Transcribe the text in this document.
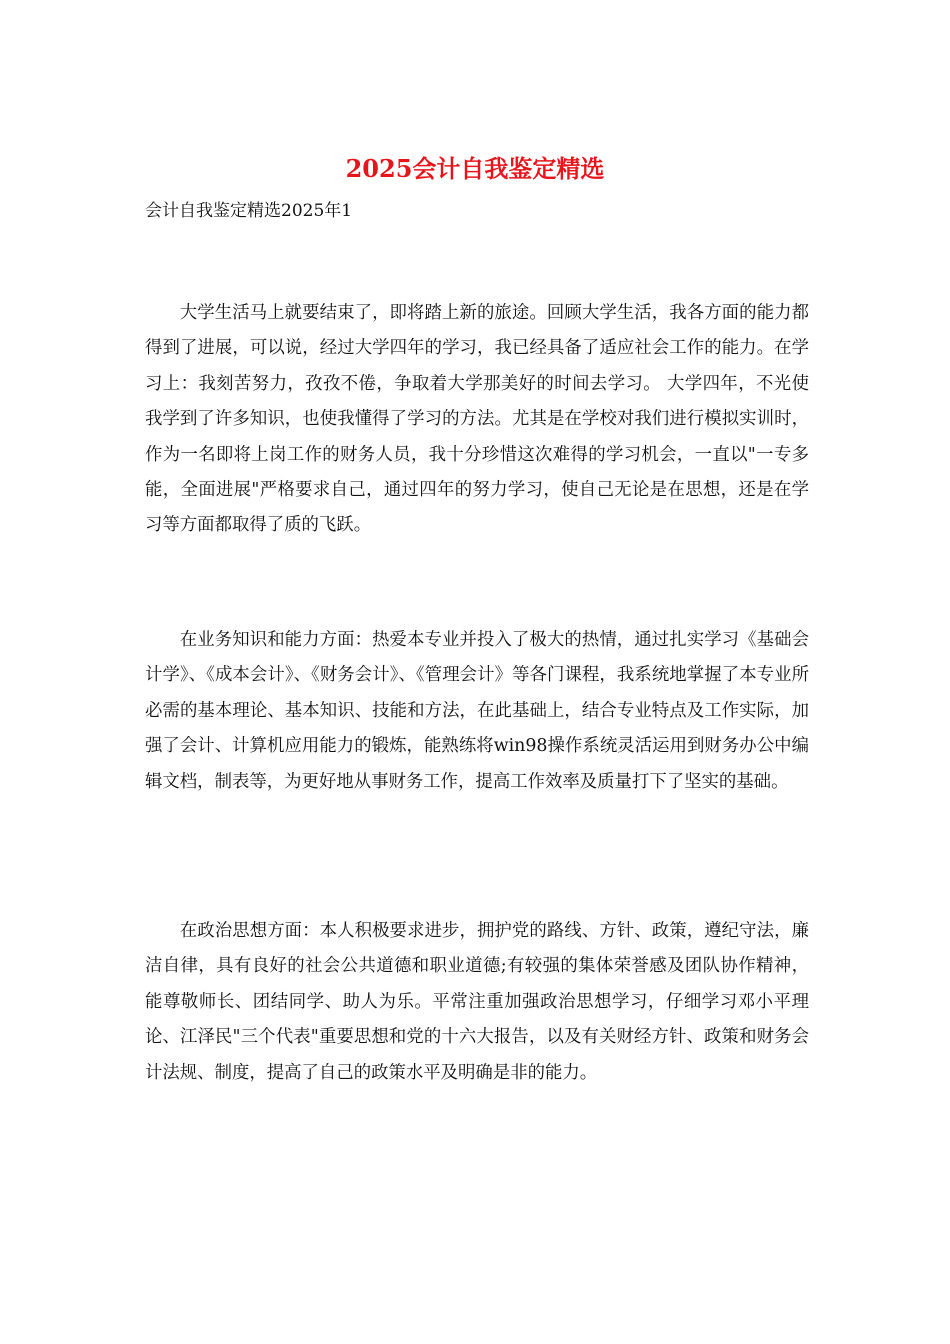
2025会计自我鉴定精选

会计自我鉴定精选2025年1

大学生活马上就要结束了，即将踏上新的旅途。回顾大学生活，我各方面的能力都得到了进展，可以说，经过大学四年的学习，我已经具备了适应社会工作的能力。在学习上：我刻苦努力，孜孜不倦，争取着大学那美好的时间去学习。 大学四年，不光使我学到了许多知识，也使我懂得了学习的方法。尤其是在学校对我们进行模拟实训时，作为一名即将上岗工作的财务人员，我十分珍惜这次难得的学习机会，一直以"一专多能，全面进展"严格要求自己，通过四年的努力学习，使自己无论是在思想，还是在学习等方面都取得了质的飞跃。

在业务知识和能力方面：热爱本专业并投入了极大的热情，通过扎实学习《基础会计学》、《成本会计》、《财务会计》、《管理会计》等各门课程，我系统地掌握了本专业所必需的基本理论、基本知识、技能和方法，在此基础上，结合专业特点及工作实际，加强了会计、计算机应用能力的锻炼，能熟练将win98操作系统灵活运用到财务办公中编辑文档，制表等，为更好地从事财务工作，提高工作效率及质量打下了坚实的基础。

在政治思想方面：本人积极要求进步，拥护党的路线、方针、政策，遵纪守法，廉洁自律，具有良好的社会公共道德和职业道德;有较强的集体荣誉感及团队协作精神，能尊敬师长、团结同学、助人为乐。平常注重加强政治思想学习，仔细学习邓小平理论、江泽民"三个代表"重要思想和党的十六大报告，以及有关财经方针、政策和财务会计法规、制度，提高了自己的政策水平及明确是非的能力。
